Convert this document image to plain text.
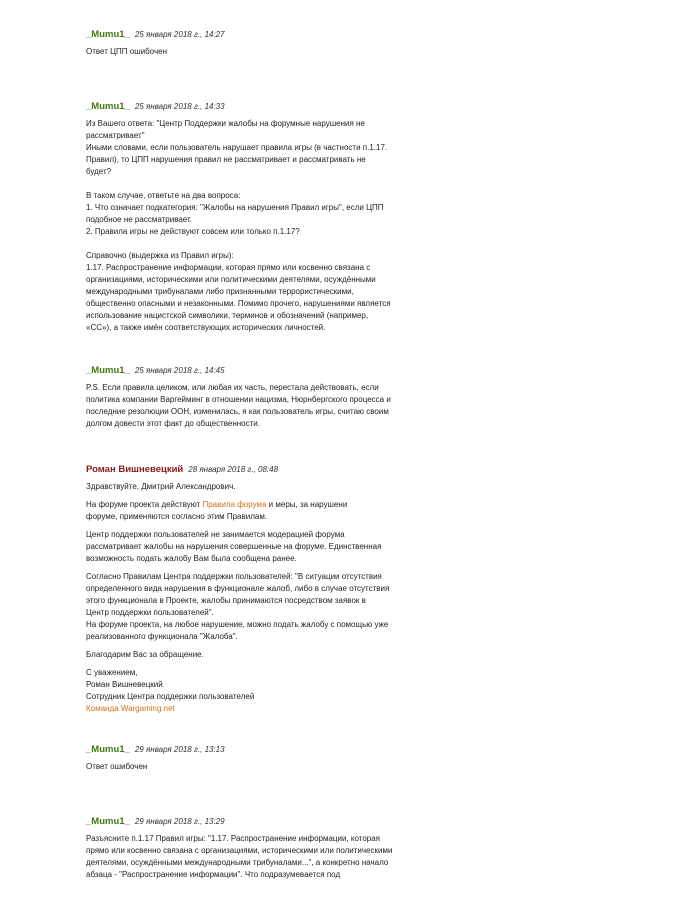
_Mumu1_ 25 января 2018 г., 14:27

Ответ ЦПП ошибочен

_Mumu1_ 25 января 2018 г., 14:33

Из Вашего ответа: "Центр Поддержки жалобы на форумные нарушения не

рассматривает"

Иными словами, если пользователь нарушает правила игры (в частности п.1.17.

Правил), то ЦПП нарушения правил не рассматривает и рассматривать не

будет?

В таком случае, ответьте на два вопроса:

1. Что означает подкатегория: "Жалобы на нарушения Правил игры", если ЦПП

подобное не рассматривает.

2. Правила игры не действуют совсем или только п.1.17?

Справочно (выдержка из Правил игры):

1.17. Распространение информации, которая прямо или косвенно связана с

организациями, историческими или политическими деятелями, осуждёнными

международными трибуналами либо признанными террористическими,

общественно опасными и незаконными. Помимо прочего, нарушениями является

использование нацистской символики, терминов и обозначений (например,

«СС»), а также имён соответствующих исторических личностей.

_Mumu1_ 25 января 2018 г., 14:45

P.S. Если правила целиком, или любая их часть, перестала действовать, если

политика компании Варгейминг в отношении нацизма, Нюрнбергского процесса и

последние резолюции ООН, изменилась, я как пользователь игры, считаю своим

долгом довести этот факт до общественности.

Роман Вишневецкий 28 января 2018 г., 08:48

Здравствуйте, Дмитрий Александрович.

На форуме проекта действуют Правила форума и меры, за нарушени

форуме, применяются согласно этим Правилам.

Центр поддержки пользователей не занимается модерацией форума

рассматривает жалобы на нарушения совершенные на форуме. Единственная

возможность подать жалобу Вам была сообщена ранее.

Согласно Правилам Центра поддержки пользователей: "В ситуации отсутствия

определенного вида нарушения в функционале жалоб, либо в случае отсутствия

этого функционала в Проекте, жалобы принимаются посредством заявок в

Центр поддержки пользователей".

На форуме проекта, на любое нарушение, можно подать жалобу с помощью уже

реализованного функционала "Жалоба".

Благодарим Вас за обращение.

С уважением,

Роман Вишневецкий

Сотрудник Центра поддержки пользователей

Команда Wargaming.net

_Mumu1_ 29 января 2018 г., 13:13

Ответ ошибочен

_Mumu1_ 29 января 2018 г., 13:29

Разъясните п.1.17 Правил игры: "1.17. Распространение информации, которая

прямо или косвенно связана с организациями, историческими или политическими

деятелями, осуждёнными международными трибуналами...", а конкретно начало

абзаца - "Распространение информации". Что подразумевается под
